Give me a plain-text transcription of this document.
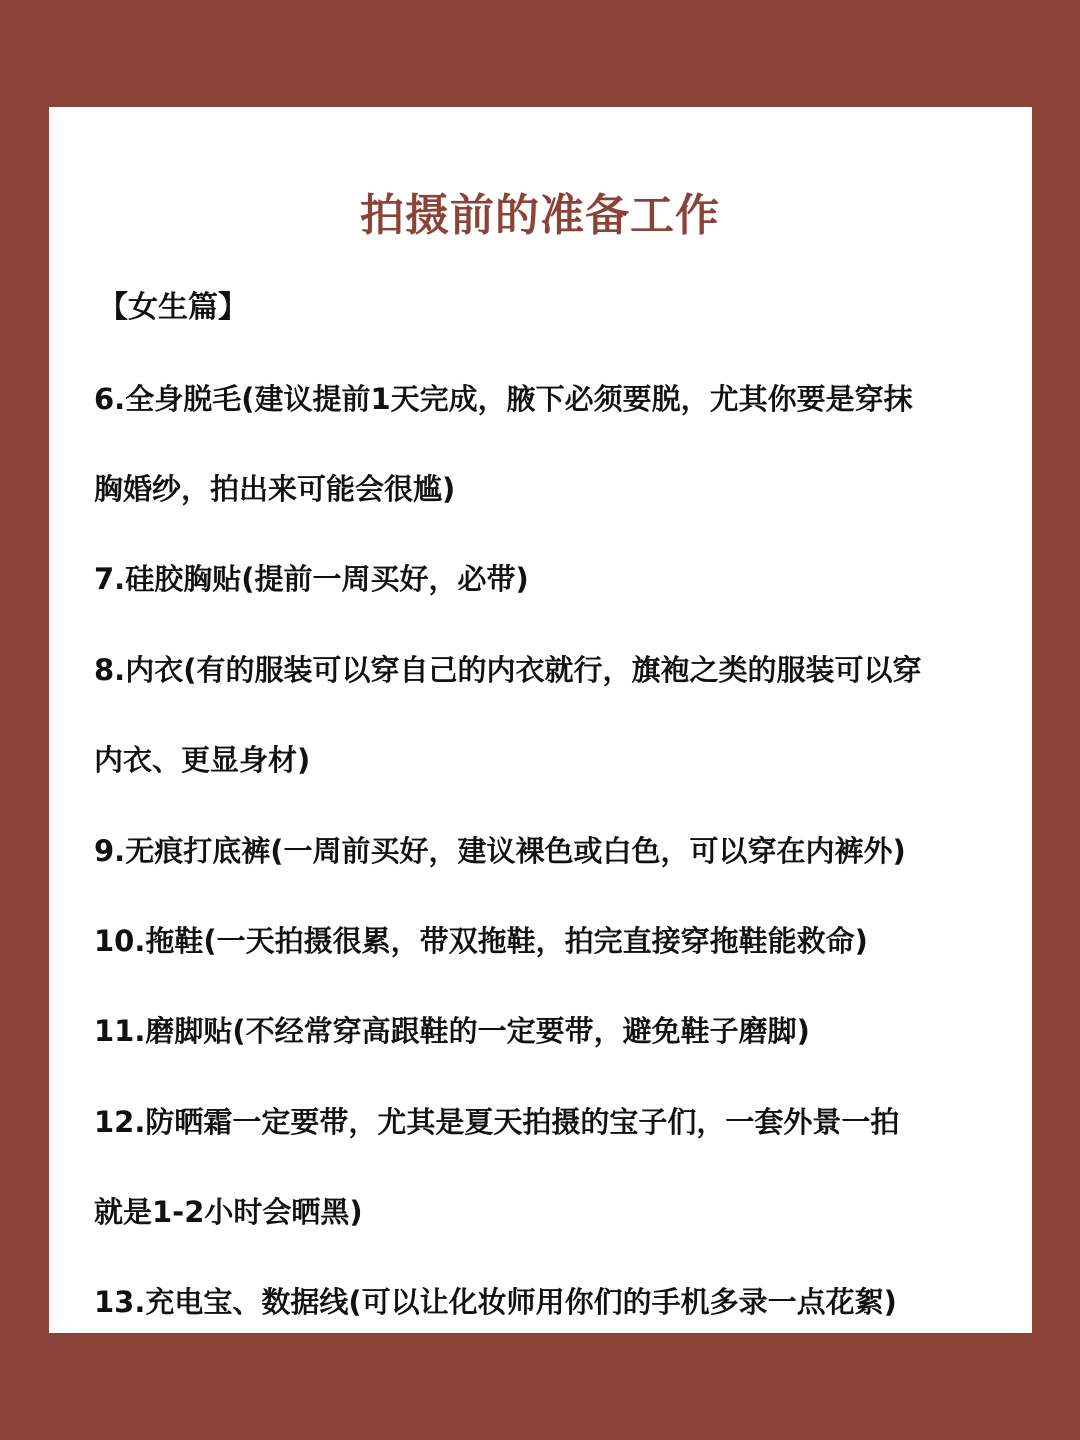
拍摄前的准备工作
【女生篇】
6.全身脱毛(建议提前1天完成，腋下必须要脱，尤其你要是穿抹
胸婚纱，拍出来可能会很尴)
7.硅胶胸贴(提前一周买好，必带)
8.内衣(有的服装可以穿自己的内衣就行，旗袍之类的服装可以穿
内衣、更显身材)
9.无痕打底裤(一周前买好，建议裸色或白色，可以穿在内裤外)
10.拖鞋(一天拍摄很累，带双拖鞋，拍完直接穿拖鞋能救命)
11.磨脚贴(不经常穿高跟鞋的一定要带，避免鞋子磨脚)
12.防晒霜一定要带，尤其是夏天拍摄的宝子们，一套外景一拍
就是1-2小时会晒黑)
13.充电宝、数据线(可以让化妆师用你们的手机多录一点花絮)
